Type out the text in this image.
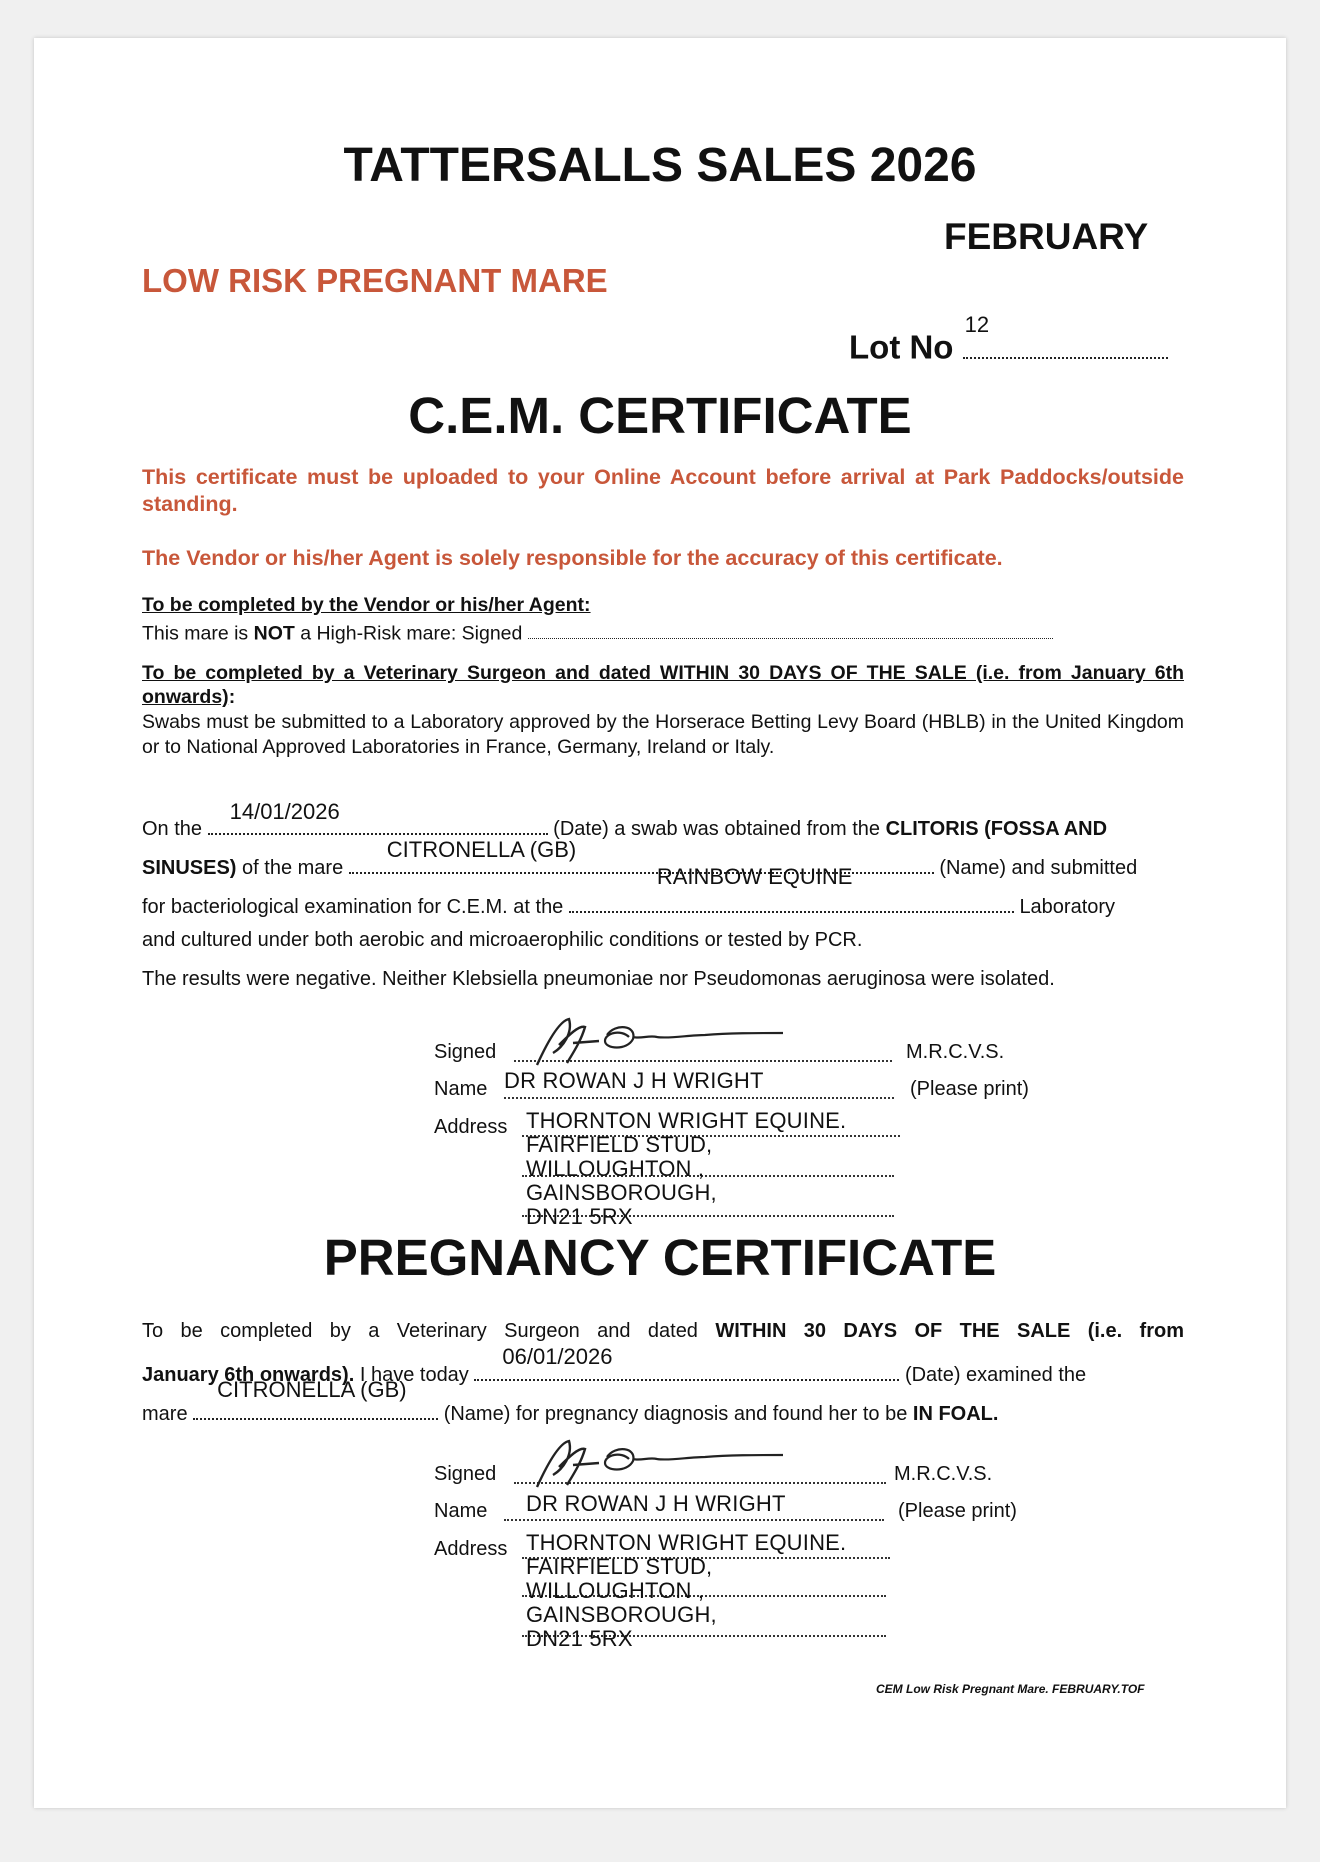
TATTERSALLS SALES 2026
FEBRUARY
LOW RISK PREGNANT MARE
Lot No
12
C.E.M. CERTIFICATE
This certificate must be uploaded to your Online Account before arrival at Park Paddocks/outside standing.
The Vendor or his/her Agent is solely responsible for the accuracy of this certificate.
To be completed by the Vendor or his/her Agent:
This mare is NOT a High-Risk mare: Signed
To be completed by a Veterinary Surgeon and dated WITHIN 30 DAYS OF THE SALE (i.e. from January 6th onwards):
Swabs must be submitted to a Laboratory approved by the Horserace Betting Levy Board (HBLB) in the United Kingdom or to National Approved Laboratories in France, Germany, Ireland or Italy.
On the
14/01/2026
(Date) a swab was obtained from the CLITORIS (FOSSA AND
SINUSES) of the mare
CITRONELLA (GB)
(Name) and submitted
for bacteriological examination for C.E.M. at the
RAINBOW EQUINE
Laboratory
and cultured under both aerobic and microaerophilic conditions or tested by PCR.
The results were negative. Neither Klebsiella pneumoniae nor Pseudomonas aeruginosa were isolated.
Signed	M.R.C.V.S.
Name DR ROWAN J H WRIGHT	(Please print)
Address THORNTON WRIGHT EQUINE.
FAIRFIELD STUD,
WILLOUGHTON ,
GAINSBOROUGH,
DN21 5RX
PREGNANCY CERTIFICATE
To be completed by a Veterinary Surgeon and dated WITHIN 30 DAYS OF THE SALE (i.e. from
January 6th onwards). I have today
06/01/2026
(Date) examined the
mare
CITRONELLA (GB)
(Name) for pregnancy diagnosis and found her to be IN FOAL.
Signed	M.R.C.V.S.
Name DR ROWAN J H WRIGHT	(Please print)
Address THORNTON WRIGHT EQUINE.
FAIRFIELD STUD,
WILLOUGHTON ,
GAINSBOROUGH,
DN21 5RX
CEM Low Risk Pregnant Mare. FEBRUARY.TOF
